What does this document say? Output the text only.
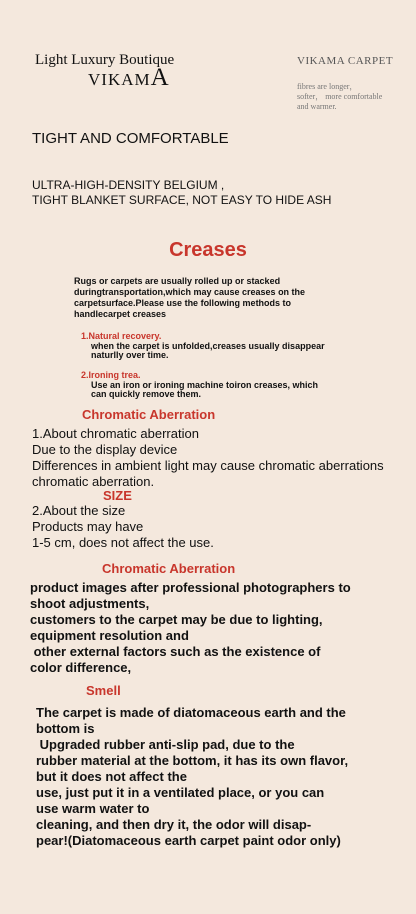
Light Luxury Boutique
VIKAMA
VIKAMA CARPET
fibres are longer，
softer， more comfortable
and warmer.
TIGHT AND COMFORTABLE
ULTRA-HIGH-DENSITY BELGIUM ,
TIGHT BLANKET SURFACE, NOT EASY TO HIDE ASH
Creases
Rugs or carpets are usually rolled up or stacked
duringtransportation,which may cause creases on the
carpetsurface.Please use the following methods to
handlecarpet creases
1.Natural recovery.
when the carpet is unfolded,creases usually disappear
naturlly over time.
2.Ironing trea.
Use an iron or ironing machine toiron creases, which
can quickly remove them.
Chromatic Aberration
1.About chromatic aberration
Due to the display device
Differences in ambient light may cause chromatic aberrations
chromatic aberration.
SIZE
2.About the size
Products may have
1-5 cm, does not affect the use.
Chromatic Aberration
product images after professional photographers to
shoot adjustments,
customers to the carpet may be due to lighting,
equipment resolution and
other external factors such as the existence of
color difference,
Smell
The carpet is made of diatomaceous earth and the
bottom is
Upgraded rubber anti-slip pad, due to the
rubber material at the bottom, it has its own flavor,
but it does not affect the
use, just put it in a ventilated place, or you can
use warm water to
cleaning, and then dry it, the odor will disap-
pear!(Diatomaceous earth carpet paint odor only)
